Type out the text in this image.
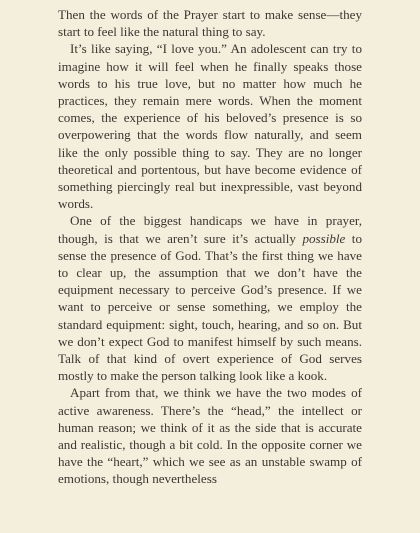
Then the words of the Prayer start to make sense—they start to feel like the natural thing to say.

It’s like saying, “I love you.” An adolescent can try to imagine how it will feel when he finally speaks those words to his true love, but no matter how much he practices, they remain mere words. When the moment comes, the experience of his beloved’s presence is so overpowering that the words flow naturally, and seem like the only possible thing to say. They are no longer theoretical and portentous, but have become evidence of something piercingly real but inexpressible, vast beyond words.

One of the biggest handicaps we have in prayer, though, is that we aren’t sure it’s actually possible to sense the presence of God. That’s the first thing we have to clear up, the assumption that we don’t have the equipment necessary to perceive God’s presence. If we want to perceive or sense something, we employ the standard equipment: sight, touch, hearing, and so on. But we don’t expect God to manifest himself by such means. Talk of that kind of overt experience of God serves mostly to make the person talking look like a kook.

Apart from that, we think we have the two modes of active awareness. There’s the “head,” the intellect or human reason; we think of it as the side that is accurate and realistic, though a bit cold. In the opposite corner we have the “heart,” which we see as an unstable swamp of emotions, though nevertheless
